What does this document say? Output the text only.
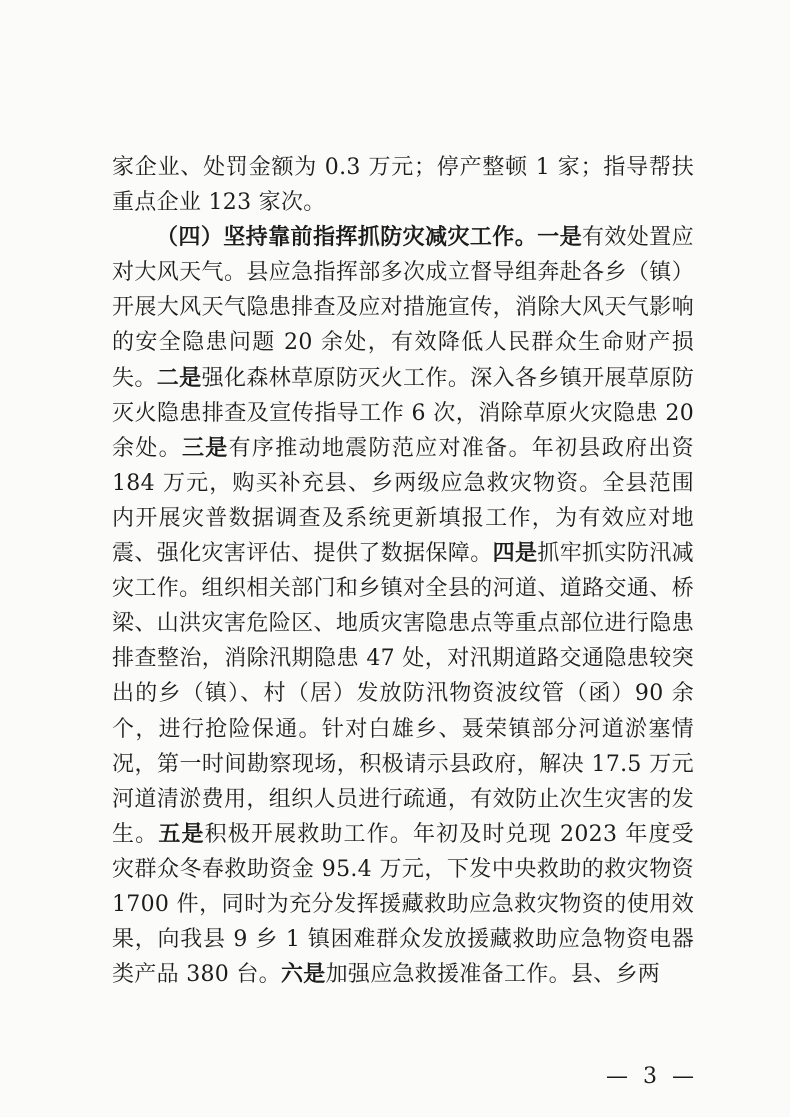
家企业、处罚金额为 0.3 万元；停产整顿 1 家；指导帮扶重点企业 123 家次。

（四）坚持靠前指挥抓防灾减灾工作。一是有效处置应对大风天气。县应急指挥部多次成立督导组奔赴各乡（镇）开展大风天气隐患排查及应对措施宣传，消除大风天气影响的安全隐患问题 20 余处，有效降低人民群众生命财产损失。二是强化森林草原防灭火工作。深入各乡镇开展草原防灭火隐患排查及宣传指导工作 6 次，消除草原火灾隐患 20 余处。三是有序推动地震防范应对准备。年初县政府出资 184 万元，购买补充县、乡两级应急救灾物资。全县范围内开展灾普数据调查及系统更新填报工作，为有效应对地震、强化灾害评估、提供了数据保障。四是抓牢抓实防汛减灾工作。组织相关部门和乡镇对全县的河道、道路交通、桥梁、山洪灾害危险区、地质灾害隐患点等重点部位进行隐患排查整治，消除汛期隐患 47 处，对汛期道路交通隐患较突出的乡（镇）、村（居）发放防汛物资波纹管（函）90 余个，进行抢险保通。针对白雄乡、聂荣镇部分河道淤塞情况，第一时间勘察现场，积极请示县政府，解决 17.5 万元河道清淤费用，组织人员进行疏通，有效防止次生灾害的发生。五是积极开展救助工作。年初及时兑现 2023 年度受灾群众冬春救助资金 95.4 万元，下发中央救助的救灾物资 1700 件，同时为充分发挥援藏救助应急救灾物资的使用效果，向我县 9 乡 1 镇困难群众发放援藏救助应急物资电器类产品 380 台。六是加强应急救援准备工作。县、乡两

— 3 —
